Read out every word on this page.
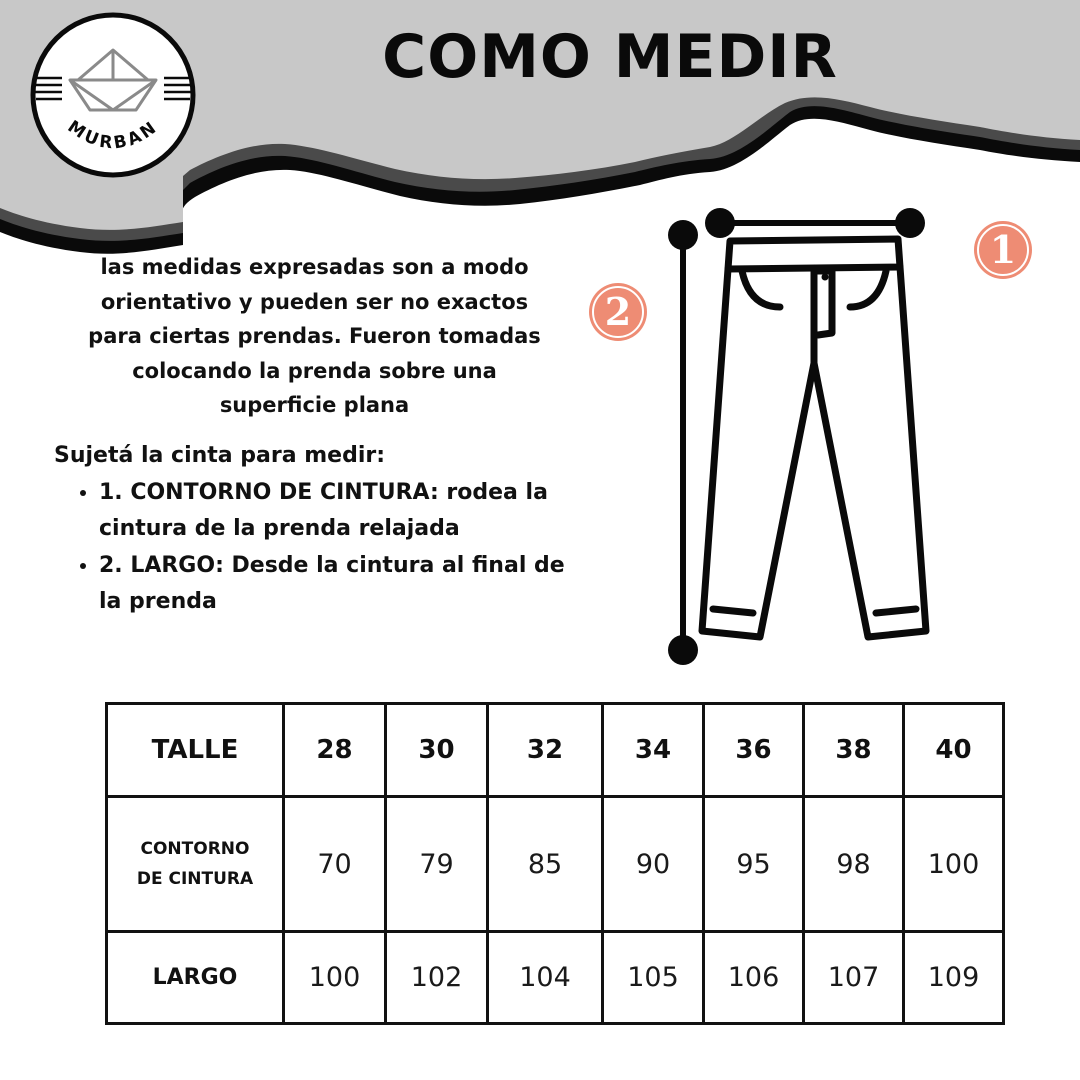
MURBAN
COMO MEDIR

las medidas expresadas son a modo
orientativo y pueden ser no exactos
para ciertas prendas. Fueron tomadas
colocando la prenda sobre una
superficie plana

Sujetá la cinta para medir:

• 1. CONTORNO DE CINTURA: rodea la cintura de la prenda relajada
• 2. LARGO: Desde la cintura al final de la prenda
1
2
TALLE	28	30	32	34	36	38	40
CONTORNO
DE CINTURA	70	79	85	90	95	98	100
LARGO	100	102	104	105	106	107	109
